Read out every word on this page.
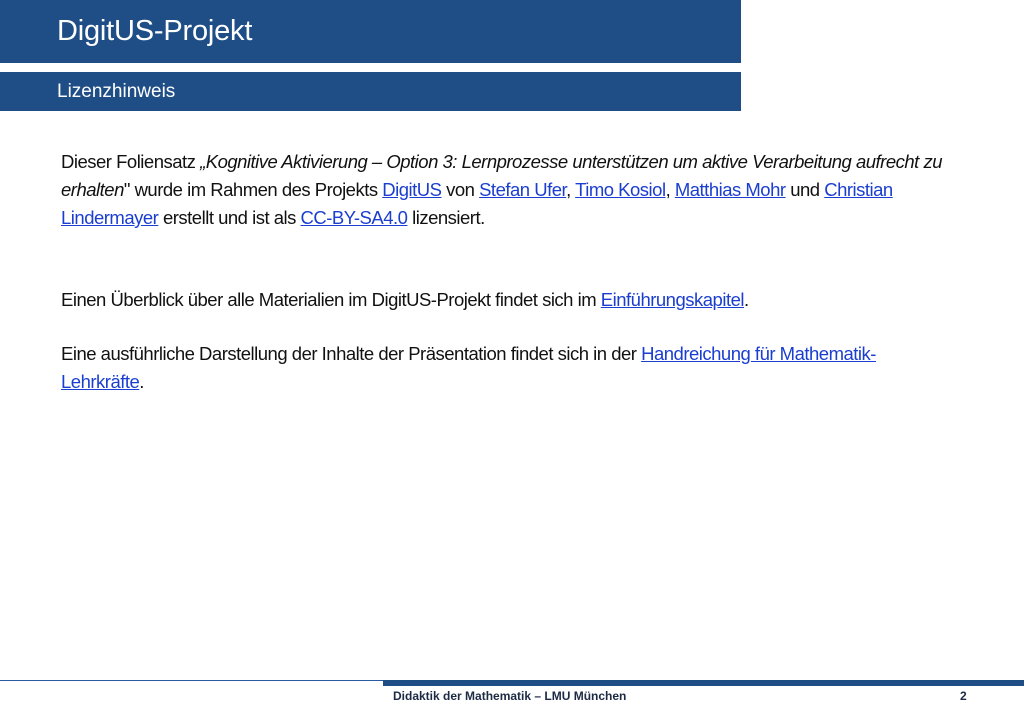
DigitUS-Projekt
Lizenzhinweis

Dieser Foliensatz „Kognitive Aktivierung – Option 3: Lernprozesse unterstützen um aktive Verarbeitung aufrecht zu erhalten" wurde im Rahmen des Projekts DigitUS von Stefan Ufer, Timo Kosiol, Matthias Mohr und Christian Lindermayer erstellt und ist als CC-BY-SA4.0 lizensiert.

Einen Überblick über alle Materialien im DigitUS-Projekt findet sich im Einführungskapitel.

Eine ausführliche Darstellung der Inhalte der Präsentation findet sich in der Handreichung für Mathematik-Lehrkräfte.

Didaktik der Mathematik – LMU München	2
